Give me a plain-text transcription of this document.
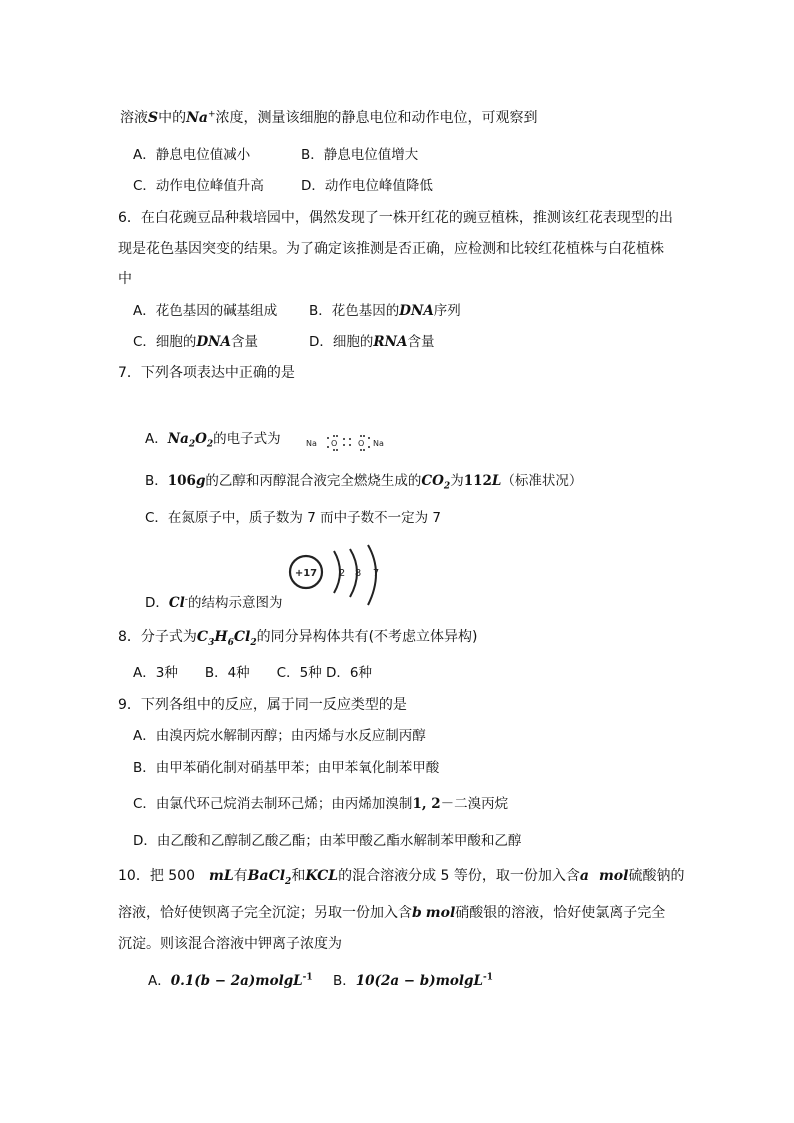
溶液S中的Na+浓度，测量该细胞的静息电位和动作电位，可观察到
A．静息电位值减小	B．静息电位值增大
C．动作电位峰值升高	D．动作电位峰值降低
6．在白花豌豆品种栽培园中，偶然发现了一株开红花的豌豆植株，推测该红花表现型的出
现是花色基因突变的结果。为了确定该推测是否正确，应检测和比较红花植株与白花植株
中
A．花色基因的碱基组成 B．花色基因的DNA序列
C．细胞的DNA含量	D．细胞的RNA含量
7．下列各项表达中正确的是
A．$Na_2O_2$的电子式为	Na O	O Na
B．106g的乙醇和丙醇混合液完全燃烧生成的$CO_2$为112L（标准状况）
C．在氮原子中，质子数为 7 而中子数不一定为 7
+17 2 8 7
D．Cl-的结构示意图为
8．分子式为$C_3H_6Cl_2$的同分异构体共有(不考虑立体异构)
A．3种　　B．4种　　C．5种 D．6种
9．下列各组中的反应，属于同一反应类型的是
A．由溴丙烷水解制丙醇；由丙烯与水反应制丙醇
B．由甲苯硝化制对硝基甲苯；由甲苯氧化制苯甲酸
C．由氯代环己烷消去制环己烯；由丙烯加溴制1, 2－二溴丙烷
D．由乙酸和乙醇制乙酸乙酯；由苯甲酸乙酯水解制苯甲酸和乙醇
10．把 500　mL有BaCl$_2$和KCL的混合溶液分成 5 等份，取一份加入含a mol硫酸钠的
溶液，恰好使钡离子完全沉淀；另取一份加入含b mol硝酸银的溶液，恰好使氯离子完全
沉淀。则该混合溶液中钾离子浓度为
A．0.1(b − 2a)molgL$^{-1}$ B．10(2a − b)molgL$^{-1}$
